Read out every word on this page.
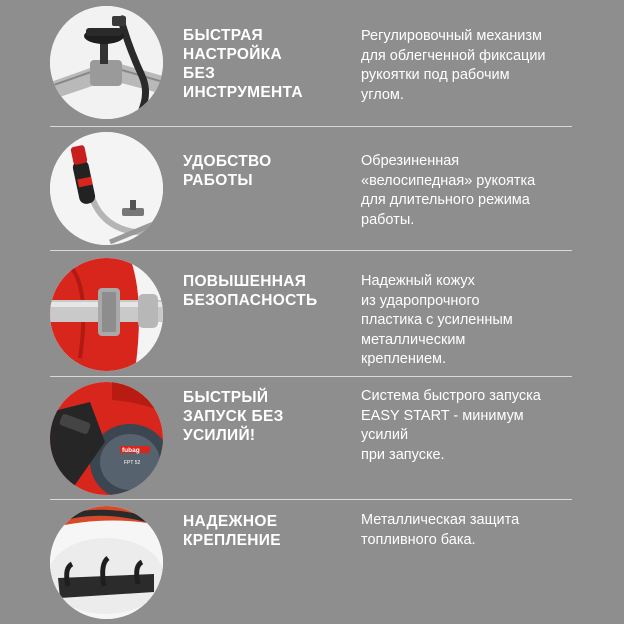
БЫСТРАЯ
НАСТРОЙКА
БЕЗ
ИНСТРУМЕНТА
Регулировочный механизм
для облегченной фиксации
рукоятки под рабочим
углом.
УДОБСТВО
РАБОТЫ
Обрезиненная
«велосипедная» рукоятка
для длительного режима
работы.
ПОВЫШЕННАЯ
БЕЗОПАСНОСТЬ
Надежный кожух
из ударопрочного
пластика с усиленным
металлическим
креплением.
fubag
FPT 52
БЫСТРЫЙ
ЗАПУСК БЕЗ
УСИЛИЙ!
Система быстрого запуска
EASY START - минимум
усилий
при запуске.
НАДЕЖНОЕ
КРЕПЛЕНИЕ
Металлическая защита
топливного бака.
